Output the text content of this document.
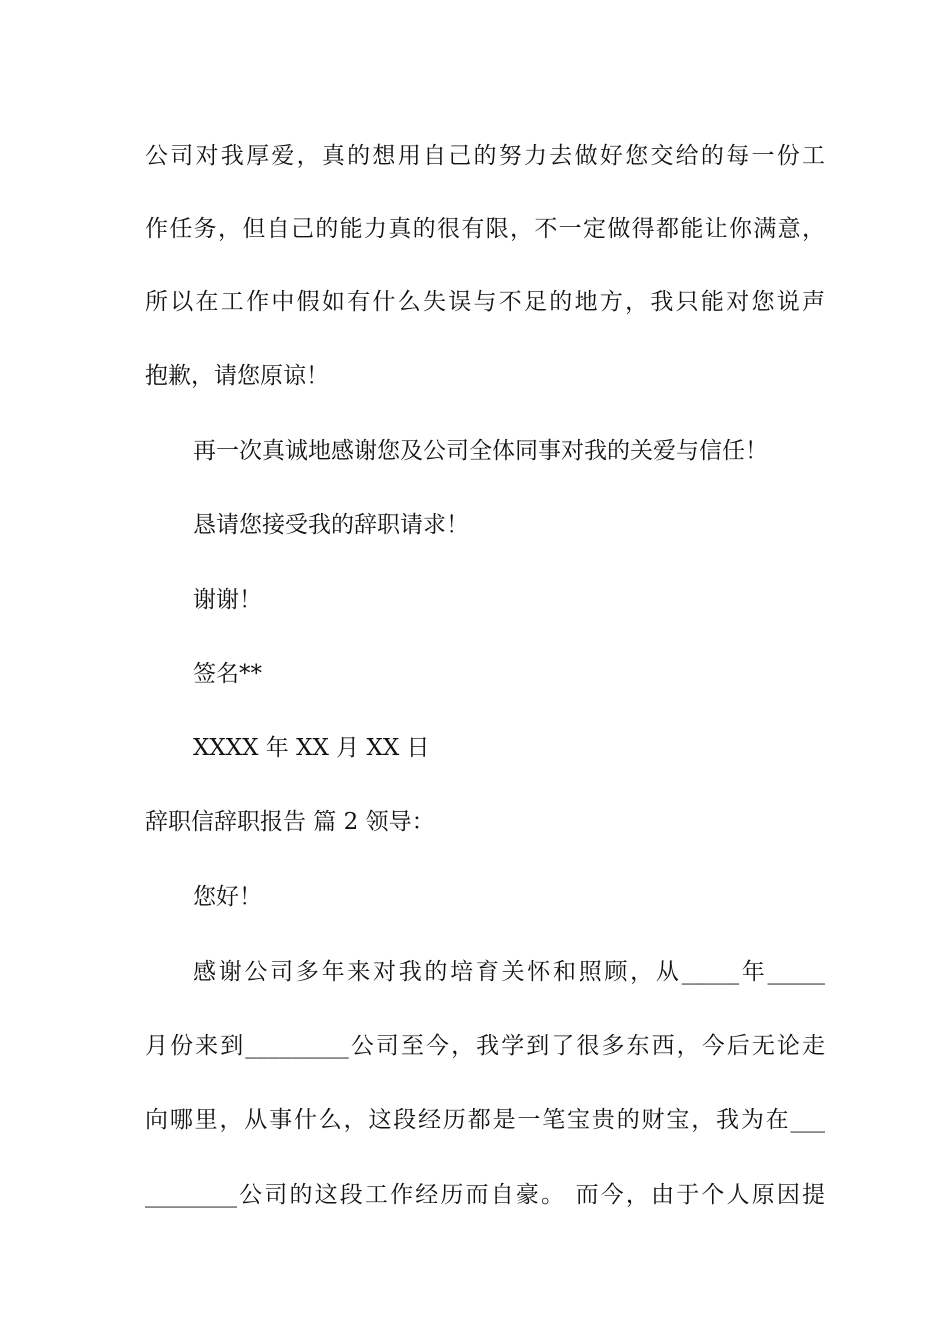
公司对我厚爱，真的想用自己的努力去做好您交给的每一份工
作任务，但自己的能力真的很有限，不一定做得都能让你满意，
所以在工作中假如有什么失误与不足的地方，我只能对您说声
抱歉，请您原谅！
再一次真诚地感谢您及公司全体同事对我的关爱与信任！
恳请您接受我的辞职请求！
谢谢！
签名**
XXXX 年 XX 月 XX 日
辞职信辞职报告 篇 2 领导：
您好！
感谢公司多年来对我的培育关怀和照顾，从_____年_____
月份来到_________公司至今，我学到了很多东西，今后无论走
向哪里，从事什么，这段经历都是一笔宝贵的财宝，我为在___
________公司的这段工作经历而自豪。 而今，由于个人原因提
